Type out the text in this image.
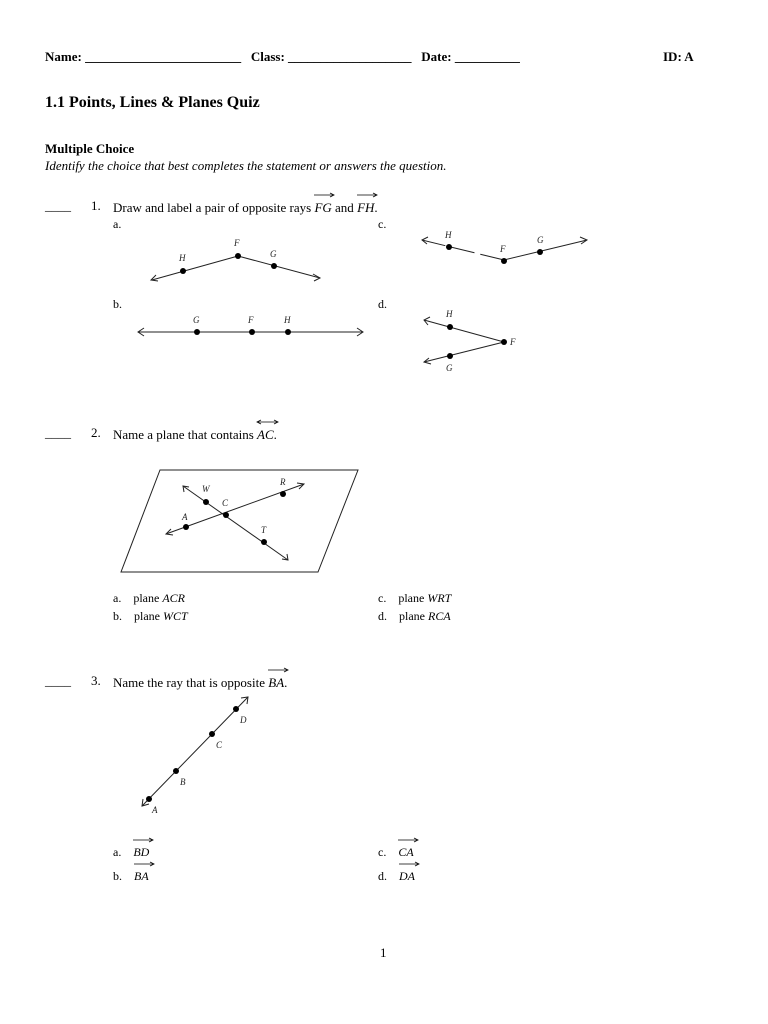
Name: ________________________ Class: ___________________ Date: __________	ID: A
1.1 Points, Lines & Planes Quiz
Multiple Choice
Identify the choice that best completes the statement or answers the question.
____ 1. Draw and label a pair of opposite rays FG and FH.
a.	c.
b.	d.
H
F
G
H
F
G
G	F	H
H
F
G
____ 2. Name a plane that contains AC.
W
C
R
A
T
a. plane ACR
b. plane WCT
c. plane WRT
d. plane RCA
____ 3. Name the ray that is opposite BA.
D
C
B
A
a. BD
b. BA
c. CA
d. DA
1
